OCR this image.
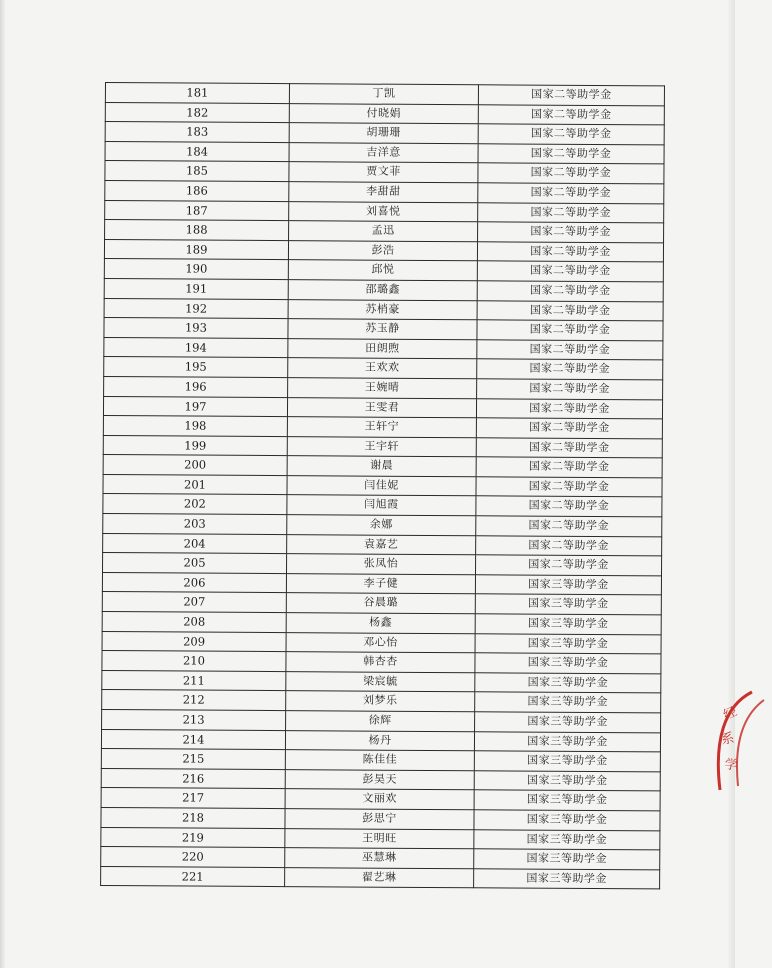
181	丁凯	国家二等助学金
182	付晓娟	国家二等助学金
183	胡珊珊	国家二等助学金
184	吉洋意	国家二等助学金
185	贾文菲	国家二等助学金
186	李甜甜	国家二等助学金
187	刘喜悦	国家二等助学金
188	孟迅	国家二等助学金
189	彭浩	国家二等助学金
190	邱悦	国家二等助学金
191	邵璐鑫	国家二等助学金
192	苏梢豪	国家二等助学金
193	苏玉静	国家二等助学金
194	田朗煦	国家二等助学金
195	王欢欢	国家二等助学金
196	王婉晴	国家二等助学金
197	王雯君	国家二等助学金
198	王轩宁	国家二等助学金
199	王宇轩	国家二等助学金
200	谢晨	国家二等助学金
201	闫佳妮	国家二等助学金
202	闫旭霞	国家二等助学金
203	余娜	国家二等助学金
204	袁嘉艺	国家二等助学金
205	张凤怡	国家二等助学金
206	李子健	国家三等助学金
207	谷晨璐	国家三等助学金
208	杨鑫	国家三等助学金
209	邓心怡	国家三等助学金
210	韩杏杏	国家三等助学金
211	梁宸毓	国家三等助学金
212	刘梦乐	国家三等助学金
213	徐辉	国家三等助学金
214	杨丹	国家三等助学金
215	陈佳佳	国家三等助学金
216	彭昊天	国家三等助学金
217	文丽欢	国家三等助学金
218	彭思宁	国家三等助学金
219	王明旺	国家三等助学金
220	巫慧琳	国家三等助学金
221	翟艺琳	国家三等助学金
经
系
学
